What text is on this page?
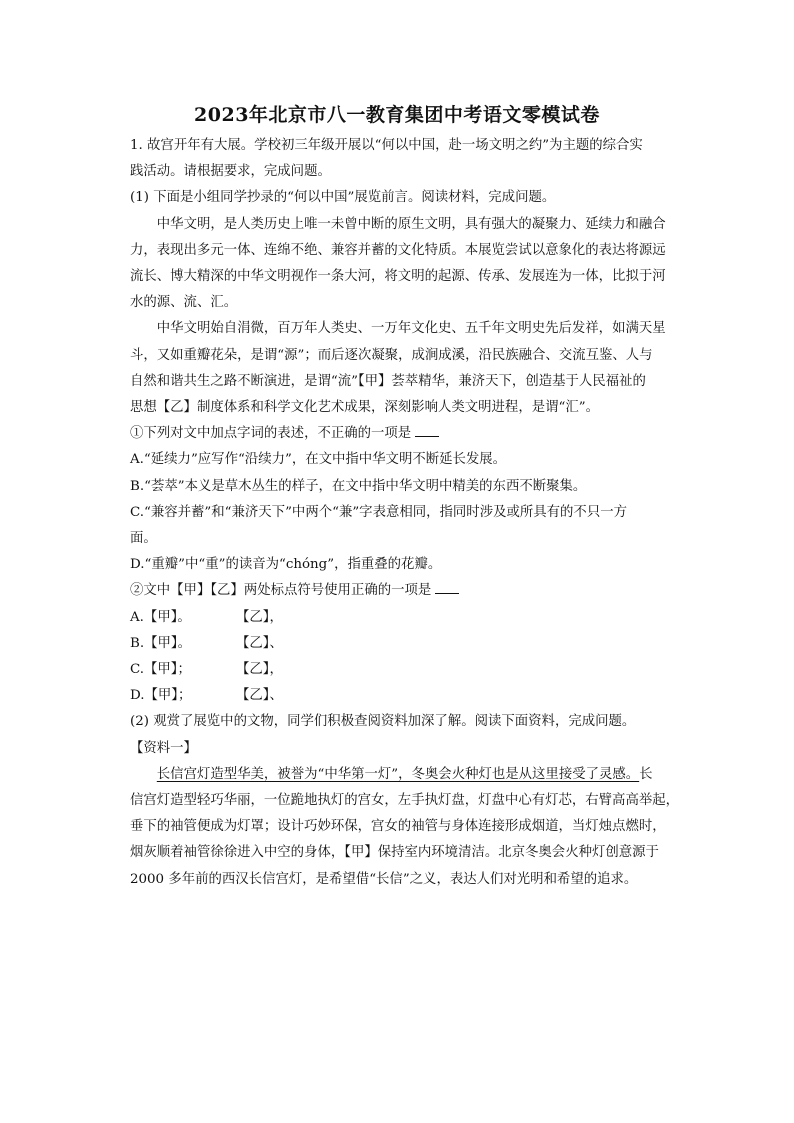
2023年北京市八一教育集团中考语文零模试卷

1. 故宫开年有大展。学校初三年级开展以“何以中国，赴一场文明之约”为主题的综合实

践活动。请根据要求，完成问题。

(1) 下面是小组同学抄录的“何以中国”展览前言。阅读材料，完成问题。

中华文明，是人类历史上唯一未曾中断的原生文明，具有强大的凝聚力、延续力和融合

力，表现出多元一体、连绵不绝、兼容并蓄的文化特质。本展览尝试以意象化的表达将源远

流长、博大精深的中华文明视作一条大河，将文明的起源、传承、发展连为一体，比拟于河

水的源、流、汇。

中华文明始自涓微，百万年人类史、一万年文化史、五千年文明史先后发祥，如满天星

斗，又如重瓣花朵，是谓“源”；而后逐次凝聚，成涧成溪，沿民族融合、交流互鉴、人与

自然和谐共生之路不断演进，是谓“流”【甲】荟萃精华，兼济天下，创造基于人民福祉的

思想【乙】制度体系和科学文化艺术成果，深刻影响人类文明进程，是谓“汇”。

①下列对文中加点字词的表述，不正确的一项是

A.“延续力”应写作“沿续力”，在文中指中华文明不断延长发展。

B.“荟萃”本义是草木丛生的样子，在文中指中华文明中精美的东西不断聚集。

C.“兼容并蓄”和“兼济天下”中两个“兼”字表意相同，指同时涉及或所具有的不只一方

面。

D.“重瓣”中“重”的读音为“chóng”，指重叠的花瓣。

②文中【甲】【乙】两处标点符号使用正确的一项是

A.【甲】。	【乙】，

B.【甲】。	【乙】、

C.【甲】；	【乙】，

D.【甲】；	【乙】、

(2) 观赏了展览中的文物，同学们积极查阅资料加深了解。阅读下面资料，完成问题。

【资料一】

长信宫灯造型华美，被誉为“中华第一灯”，冬奥会火种灯也是从这里接受了灵感。长

信宫灯造型轻巧华丽，一位跪地执灯的宫女，左手执灯盘，灯盘中心有灯芯，右臂高高举起，

垂下的袖管便成为灯罩；设计巧妙环保，宫女的袖管与身体连接形成烟道，当灯烛点燃时，

烟灰顺着袖管徐徐进入中空的身体，【甲】保持室内环境清洁。北京冬奥会火种灯创意源于

2000 多年前的西汉长信宫灯，是希望借“长信”之义，表达人们对光明和希望的追求。
